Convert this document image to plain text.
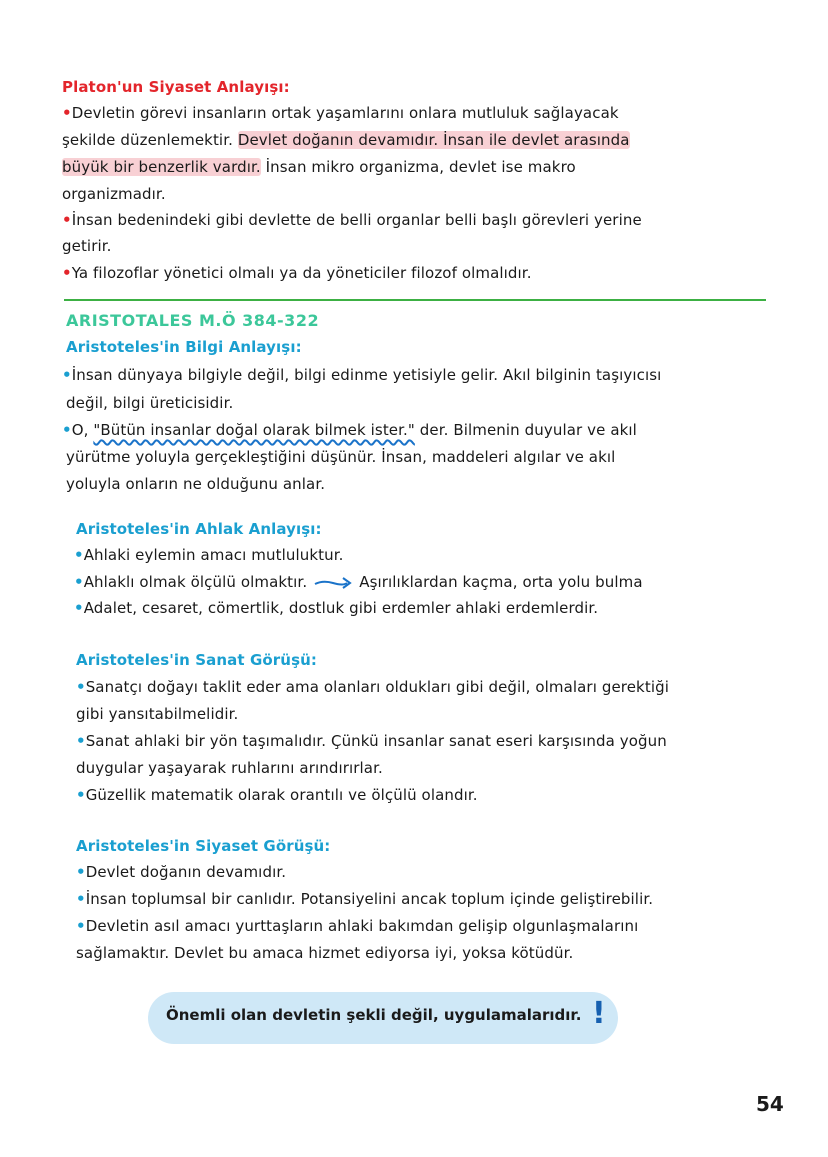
Platon'un Siyaset Anlayışı:
•Devletin görevi insanların ortak yaşamlarını onlara mutluluk sağlayacak
şekilde düzenlemektir. Devlet doğanın devamıdır. İnsan ile devlet arasında
büyük bir benzerlik vardır. İnsan mikro organizma, devlet ise makro
organizmadır.
•İnsan bedenindeki gibi devlette de belli organlar belli başlı görevleri yerine
getirir.
•Ya filozoflar yönetici olmalı ya da yöneticiler filozof olmalıdır.
ARISTOTALES M.Ö 384-322
Aristoteles'in Bilgi Anlayışı:
•İnsan dünyaya bilgiyle değil, bilgi edinme yetisiyle gelir. Akıl bilginin taşıyıcısı
değil, bilgi üreticisidir.
•O, "Bütün insanlar doğal olarak bilmek ister." der. Bilmenin duyular ve akıl
yürütme yoluyla gerçekleştiğini düşünür. İnsan, maddeleri algılar ve akıl
yoluyla onların ne olduğunu anlar.
Aristoteles'in Ahlak Anlayışı:
•Ahlaki eylemin amacı mutluluktur.
•Ahlaklı olmak ölçülü olmaktır.	Aşırılıklardan kaçma, orta yolu bulma
•Adalet, cesaret, cömertlik, dostluk gibi erdemler ahlaki erdemlerdir.
Aristoteles'in Sanat Görüşü:
•Sanatçı doğayı taklit eder ama olanları oldukları gibi değil, olmaları gerektiği
gibi yansıtabilmelidir.
•Sanat ahlaki bir yön taşımalıdır. Çünkü insanlar sanat eseri karşısında yoğun
duygular yaşayarak ruhlarını arındırırlar.
•Güzellik matematik olarak orantılı ve ölçülü olandır.
Aristoteles'in Siyaset Görüşü:
•Devlet doğanın devamıdır.
•İnsan toplumsal bir canlıdır. Potansiyelini ancak toplum içinde geliştirebilir.
•Devletin asıl amacı yurttaşların ahlaki bakımdan gelişip olgunlaşmalarını
sağlamaktır. Devlet bu amaca hizmet ediyorsa iyi, yoksa kötüdür.
Önemli olan devletin şekli değil, uygulamalarıdır. !
54
